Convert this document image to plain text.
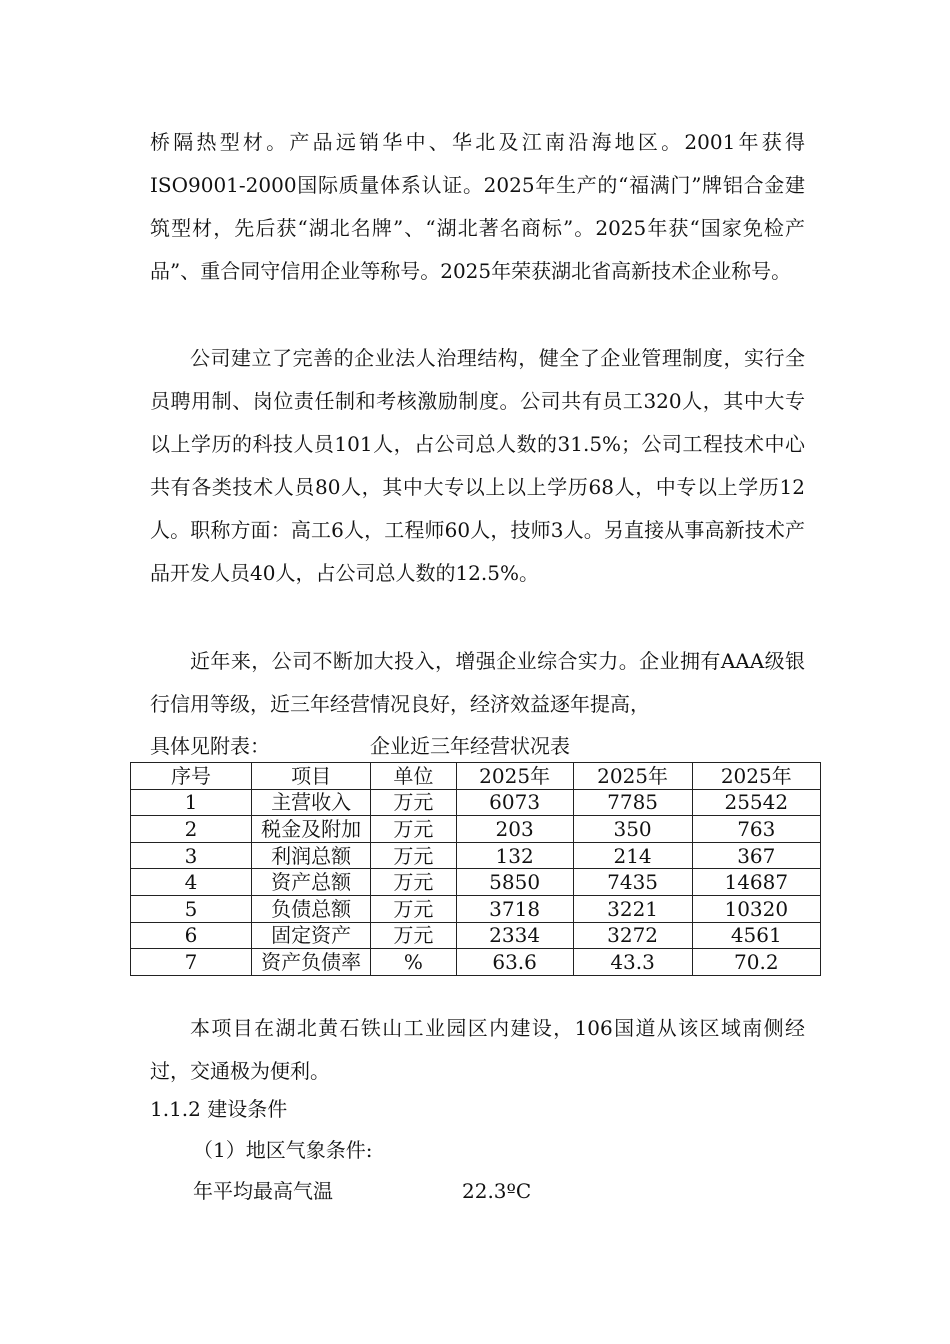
桥隔热型材。产品远销华中、华北及江南沿海地区。2001年获得ISO9001-2000国际质量体系认证。2025年生产的“福满门”牌铝合金建筑型材，先后获“湖北名牌”、“湖北著名商标”。2025年获“国家免检产品”、重合同守信用企业等称号。2025年荣获湖北省高新技术企业称号。

公司建立了完善的企业法人治理结构，健全了企业管理制度，实行全员聘用制、岗位责任制和考核激励制度。公司共有员工320人，其中大专以上学历的科技人员101人，占公司总人数的31.5%；公司工程技术中心共有各类技术人员80人，其中大专以上以上学历68人，中专以上学历12人。职称方面：高工6人，工程师60人，技师3人。另直接从事高新技术产品开发人员40人，占公司总人数的12.5%。

近年来，公司不断加大投入，增强企业综合实力。企业拥有AAA级银行信用等级，近三年经营情况良好，经济效益逐年提高，

具体见附表：	企业近三年经营状况表
序号	项目	单位	2025年	2025年	2025年
1	主营收入	万元	6073	7785	25542
2	税金及附加	万元	203	350	763
3	利润总额	万元	132	214	367
4	资产总额	万元	5850	7435	14687
5	负债总额	万元	3718	3221	10320
6	固定资产	万元	2334	3272	4561
7	资产负债率	%	63.6	43.3	70.2

本项目在湖北黄石铁山工业园区内建设，106国道从该区域南侧经过，交通极为便利。

1.1.2 建设条件
（1）地区气象条件:
年平均最高气温	22.3ºC
